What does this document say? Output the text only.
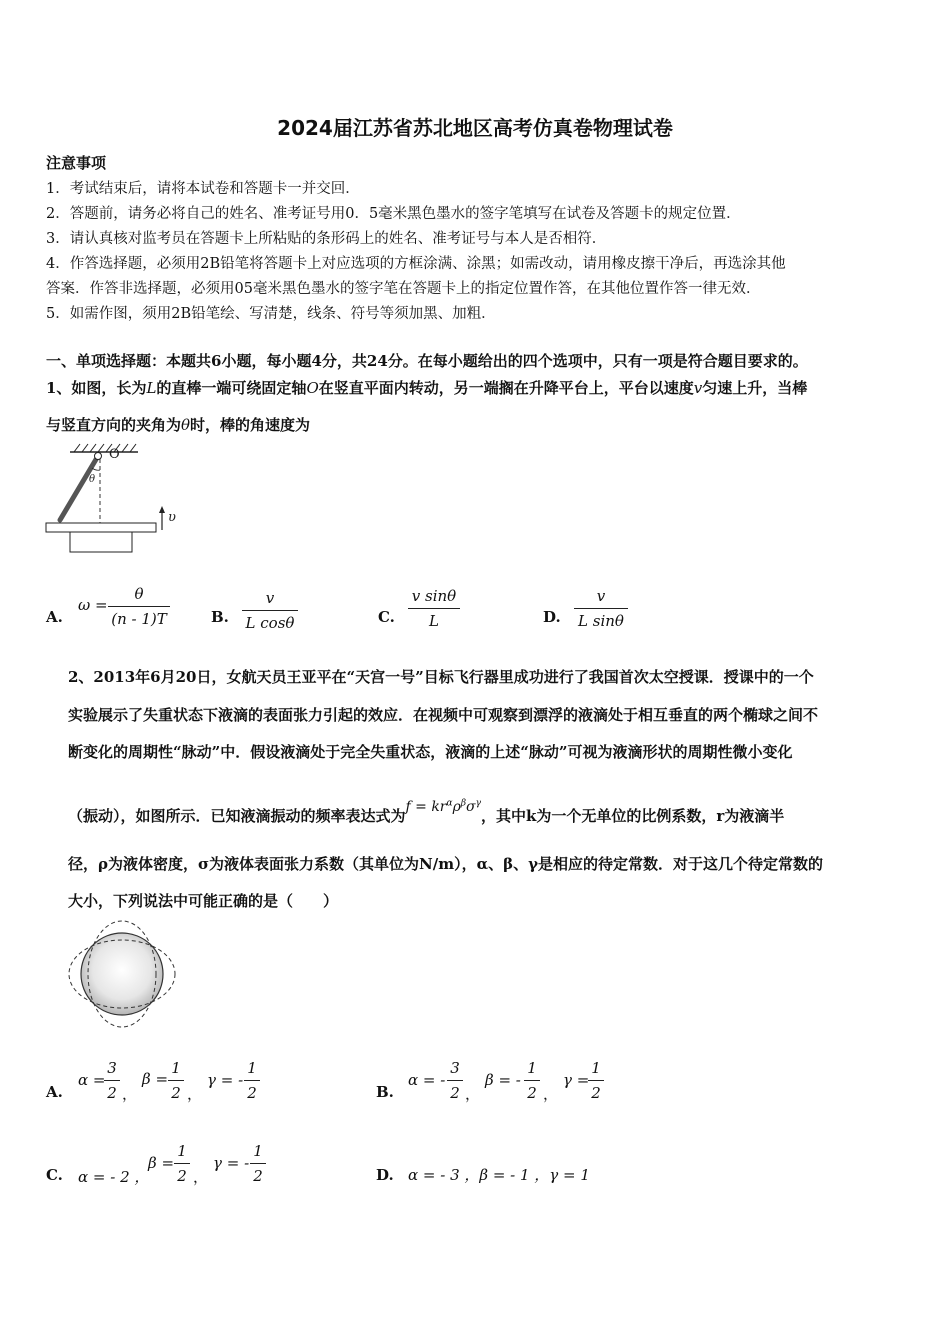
2024届江苏省苏北地区高考仿真卷物理试卷
注意事项
1．考试结束后，请将本试卷和答题卡一并交回．
2．答题前，请务必将自己的姓名、准考证号用0．5毫米黑色墨水的签字笔填写在试卷及答题卡的规定位置．
3．请认真核对监考员在答题卡上所粘贴的条形码上的姓名、准考证号与本人是否相符．
4．作答选择题，必须用2B铅笔将答题卡上对应选项的方框涂满、涂黑；如需改动，请用橡皮擦干净后，再选涂其他
答案．作答非选择题，必须用05毫米黑色墨水的签字笔在答题卡上的指定位置作答，在其他位置作答一律无效．
5．如需作图，须用2B铅笔绘、写清楚，线条、符号等须加黑、加粗．
一、单项选择题：本题共6小题，每小题4分，共24分。在每小题给出的四个选项中，只有一项是符合题目要求的。
1、如图，长为L的直棒一端可绕固定轴O在竖直平面内转动，另一端搁在升降平台上，平台以速度v匀速上升，当棒
与竖直方向的夹角为θ时，棒的角速度为
O
θ
υ
A.
ω =
θ
(n - 1)T	B.
v
L cosθ	C.
v sinθ
L	D.
v
L sinθ
2、2013年6月20日，女航天员王亚平在“天宫一号”目标飞行器里成功进行了我国首次太空授课．授课中的一个
实验展示了失重状态下液滴的表面张力引起的效应．在视频中可观察到漂浮的液滴处于相互垂直的两个椭球之间不
断变化的周期性“脉动”中．假设液滴处于完全失重状态，液滴的上述“脉动”可视为液滴形状的周期性微小变化
（振动），如图所示．已知液滴振动的频率表达式为$f = kr^\alpha\rho^\beta\sigma^\gamma$，其中k为一个无单位的比例系数，r为液滴半
径，ρ为液体密度，σ为液体表面张力系数（其单位为N/m），α、β、γ是相应的待定常数．对于这几个待定常数的
大小，下列说法中可能正确的是（　　）
A.
α =
3
2 ，
β =
1
2 ，
γ = -
1
2	B.
α = -
3
2 ，
β = -
1
2 ，
γ =
1
2
C. α = - 2 ，
β =
1
2 ，
γ = -
1
2	D. α = - 3 ，β = - 1 ，γ = 1
